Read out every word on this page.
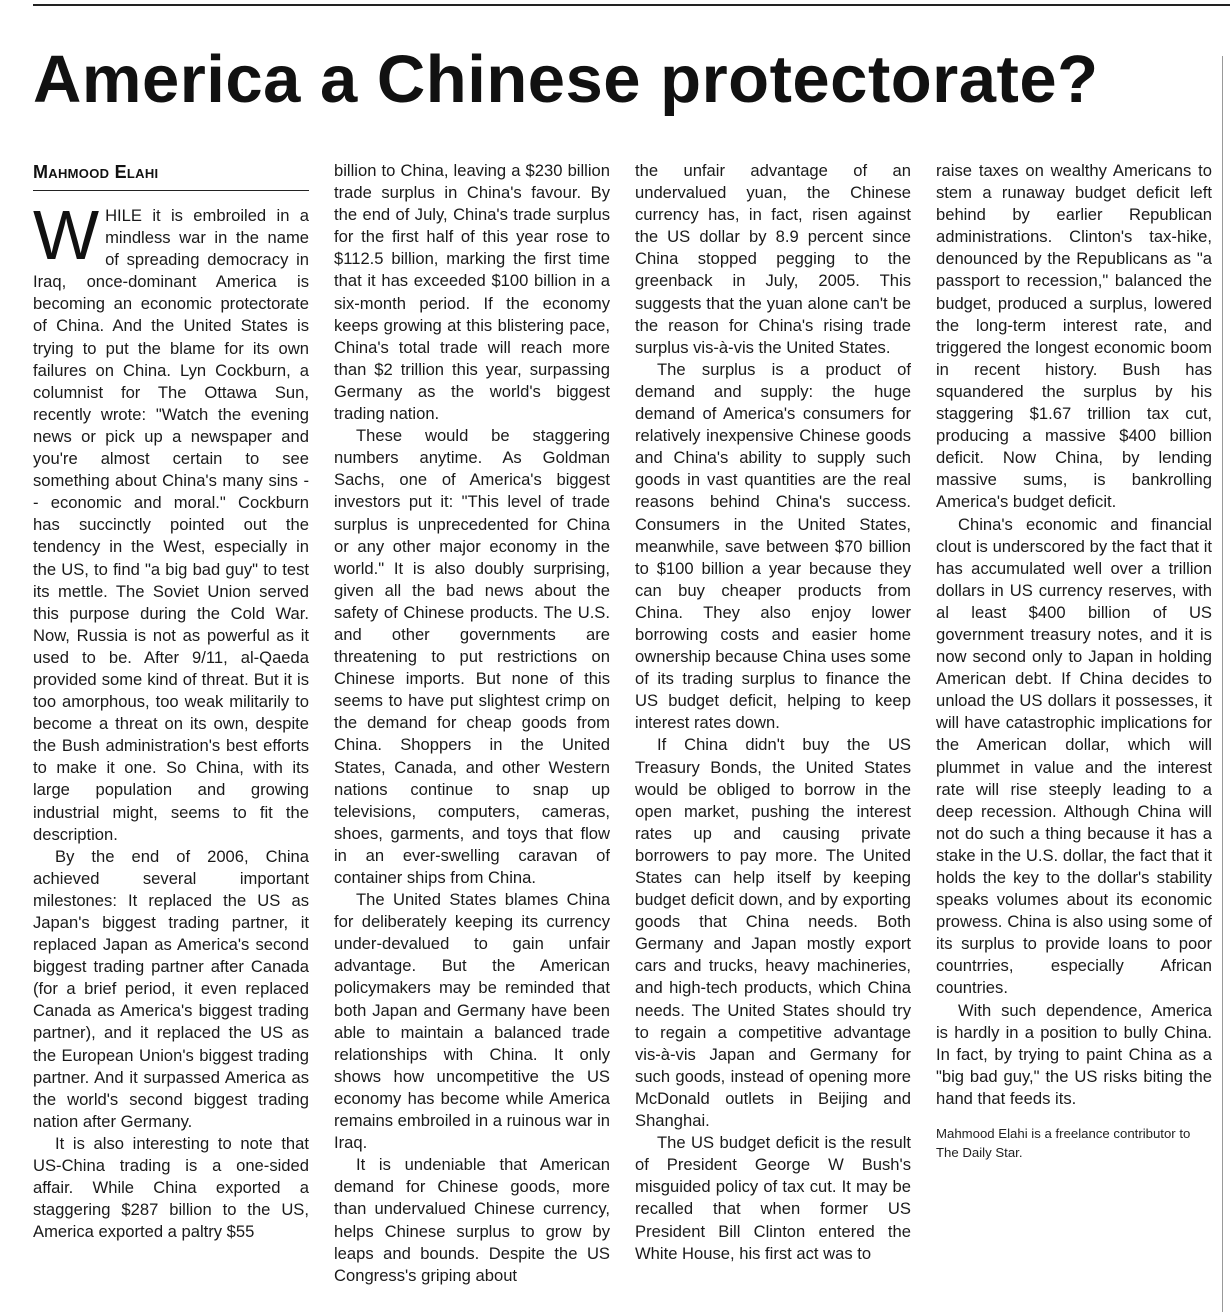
America a Chinese protectorate?
Mahmood Elahi

WHILE it is embroiled in a mindless war in the name of spreading democracy in Iraq, once-dominant America is becoming an economic protectorate of China. And the United States is trying to put the blame for its own failures on China. Lyn Cockburn, a columnist for The Ottawa Sun, recently wrote: "Watch the evening news or pick up a newspaper and you're almost certain to see something about China's many sins -- economic and moral." Cockburn has succinctly pointed out the tendency in the West, especially in the US, to find "a big bad guy" to test its mettle. The Soviet Union served this purpose during the Cold War. Now, Russia is not as powerful as it used to be. After 9/11, al-Qaeda provided some kind of threat. But it is too amorphous, too weak militarily to become a threat on its own, despite the Bush administration's best efforts to make it one. So China, with its large population and growing industrial might, seems to fit the description.

By the end of 2006, China achieved several important milestones: It replaced the US as Japan's biggest trading partner, it replaced Japan as America's second biggest trading partner after Canada (for a brief period, it even replaced Canada as America's biggest trading partner), and it replaced the US as the European Union's biggest trading partner. And it surpassed America as the world's second biggest trading nation after Germany.

It is also interesting to note that US-China trading is a one-sided affair. While China exported a staggering $287 billion to the US, America exported a paltry $55

billion to China, leaving a $230 billion trade surplus in China's favour. By the end of July, China's trade surplus for the first half of this year rose to $112.5 billion, marking the first time that it has exceeded $100 billion in a six-month period. If the economy keeps growing at this blistering pace, China's total trade will reach more than $2 trillion this year, surpassing Germany as the world's biggest trading nation.

These would be staggering numbers anytime. As Goldman Sachs, one of America's biggest investors put it: "This level of trade surplus is unprecedented for China or any other major economy in the world." It is also doubly surprising, given all the bad news about the safety of Chinese products. The U.S. and other governments are threatening to put restrictions on Chinese imports. But none of this seems to have put slightest crimp on the demand for cheap goods from China. Shoppers in the United States, Canada, and other Western nations continue to snap up televisions, computers, cameras, shoes, garments, and toys that flow in an ever-swelling caravan of container ships from China.

The United States blames China for deliberately keeping its currency under-devalued to gain unfair advantage. But the American policymakers may be reminded that both Japan and Germany have been able to maintain a balanced trade relationships with China. It only shows how uncompetitive the US economy has become while America remains embroiled in a ruinous war in Iraq.

It is undeniable that American demand for Chinese goods, more than undervalued Chinese currency, helps Chinese surplus to grow by leaps and bounds. Despite the US Congress's griping about

the unfair advantage of an undervalued yuan, the Chinese currency has, in fact, risen against the US dollar by 8.9 percent since China stopped pegging to the greenback in July, 2005. This suggests that the yuan alone can't be the reason for China's rising trade surplus vis-à-vis the United States.

The surplus is a product of demand and supply: the huge demand of America's consumers for relatively inexpensive Chinese goods and China's ability to supply such goods in vast quantities are the real reasons behind China's success. Consumers in the United States, meanwhile, save between $70 billion to $100 billion a year because they can buy cheaper products from China. They also enjoy lower borrowing costs and easier home ownership because China uses some of its trading surplus to finance the US budget deficit, helping to keep interest rates down.

If China didn't buy the US Treasury Bonds, the United States would be obliged to borrow in the open market, pushing the interest rates up and causing private borrowers to pay more. The United States can help itself by keeping budget deficit down, and by exporting goods that China needs. Both Germany and Japan mostly export cars and trucks, heavy machineries, and high-tech products, which China needs. The United States should try to regain a competitive advantage vis-à-vis Japan and Germany for such goods, instead of opening more McDonald outlets in Beijing and Shanghai.

The US budget deficit is the result of President George W Bush's misguided policy of tax cut. It may be recalled that when former US President Bill Clinton entered the White House, his first act was to

raise taxes on wealthy Americans to stem a runaway budget deficit left behind by earlier Republican administrations. Clinton's tax-hike, denounced by the Republicans as "a passport to recession," balanced the budget, produced a surplus, lowered the long-term interest rate, and triggered the longest economic boom in recent history. Bush has squandered the surplus by his staggering $1.67 trillion tax cut, producing a massive $400 billion deficit. Now China, by lending massive sums, is bankrolling America's budget deficit.

China's economic and financial clout is underscored by the fact that it has accumulated well over a trillion dollars in US currency reserves, with al least $400 billion of US government treasury notes, and it is now second only to Japan in holding American debt. If China decides to unload the US dollars it possesses, it will have catastrophic implications for the American dollar, which will plummet in value and the interest rate will rise steeply leading to a deep recession. Although China will not do such a thing because it has a stake in the U.S. dollar, the fact that it holds the key to the dollar's stability speaks volumes about its economic prowess. China is also using some of its surplus to provide loans to poor countrries, especially African countries.

With such dependence, America is hardly in a position to bully China. In fact, by trying to paint China as a "big bad guy," the US risks biting the hand that feeds its.

Mahmood Elahi is a freelance contributor to The Daily Star.
